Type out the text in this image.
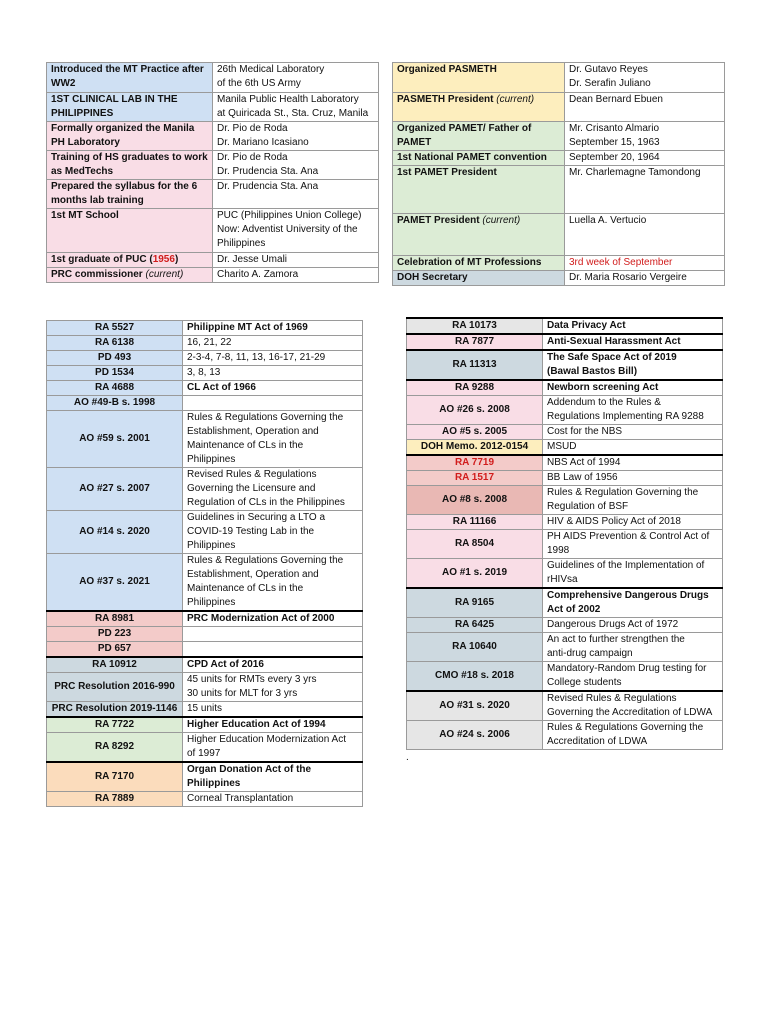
Introduced the MT Practice after WW2	26th Medical Laboratory
of the 6th US Army

1ST CLINICAL LAB IN THE PHILIPPINES	Manila Public Health Laboratory
at Quiricada St., Sta. Cruz, Manila

Formally organized the Manila PH Laboratory	Dr. Pio de Roda
Dr. Mariano Icasiano

Training of HS graduates to work as MedTechs	Dr. Pio de Roda
Dr. Prudencia Sta. Ana

Prepared the syllabus for the 6 months lab training	Dr. Prudencia Sta. Ana

1st MT School	PUC (Philippines Union College)
Now: Adventist University of the Philippines

1st graduate of PUC (1956)	Dr. Jesse Umali

PRC commissioner (current)	Charito A. Zamora
Organized PASMETH	Dr. Gutavo Reyes
Dr. Serafin Juliano

PASMETH President (current)	Dean Bernard Ebuen

Organized PAMET/ Father of PAMET	Mr. Crisanto Almario
September 15, 1963

1st National PAMET convention	September 20, 1964

1st PAMET President	Mr. Charlemagne Tamondong

PAMET President (current)	Luella A. Vertucio

Celebration of MT Professions	3rd week of September
DOH Secretary	Dr. Maria Rosario Vergeire
RA 5527	Philippine MT Act of 1969

RA 6138	16, 21, 22

PD 493	2-3-4, 7-8, 11, 13, 16-17, 21-29

PD 1534	3, 8, 13

RA 4688	CL Act of 1966

AO #49-B s. 1998	

AO #59 s. 2001	Rules & Regulations Governing the
Establishment, Operation and
Maintenance of CLs in the
Philippines

AO #27 s. 2007	Revised Rules & Regulations
Governing the Licensure and
Regulation of CLs in the Philippines

AO #14 s. 2020	Guidelines in Securing a LTO a
COVID-19 Testing Lab in the
Philippines

AO #37 s. 2021	Rules & Regulations Governing the
Establishment, Operation and
Maintenance of CLs in the
Philippines

RA 8981	PRC Modernization Act of 2000

PD 223	

PD 657	

RA 10912	CPD Act of 2016

PRC Resolution 2016-990	45 units for RMTs every 3 yrs
30 units for MLT for 3 yrs

PRC Resolution 2019-1146	15 units

RA 7722	Higher Education Act of 1994

RA 8292	Higher Education Modernization Act
of 1997

RA 7170	Organ Donation Act of the
Philippines

RA 7889	Corneal Transplantation
RA 10173	Data Privacy Act

RA 7877	Anti-Sexual Harassment Act

RA 11313	The Safe Space Act of 2019
(Bawal Bastos Bill)

RA 9288	Newborn screening Act

AO #26 s. 2008	Addendum to the Rules &
Regulations Implementing RA 9288

AO #5 s. 2005	Cost for the NBS

DOH Memo. 2012-0154	MSUD

RA 7719	NBS Act of 1994

RA 1517	BB Law of 1956

AO #8 s. 2008	Rules & Regulation Governing the
Regulation of BSF

RA 11166	HIV & AIDS Policy Act of 2018

RA 8504	PH AIDS Prevention & Control Act of
1998

AO #1 s. 2019	Guidelines of the Implementation of
rHIVsa

RA 9165	Comprehensive Dangerous Drugs
Act of 2002

RA 6425	Dangerous Drugs Act of 1972

RA 10640	An act to further strengthen the
anti-drug campaign

CMO #18 s. 2018	Mandatory-Random Drug testing for
College students

AO #31 s. 2020	Revised Rules & Regulations
Governing the Accreditation of LDWA

AO #24 s. 2006	Rules & Regulations Governing the
Accreditation of LDWA
.
